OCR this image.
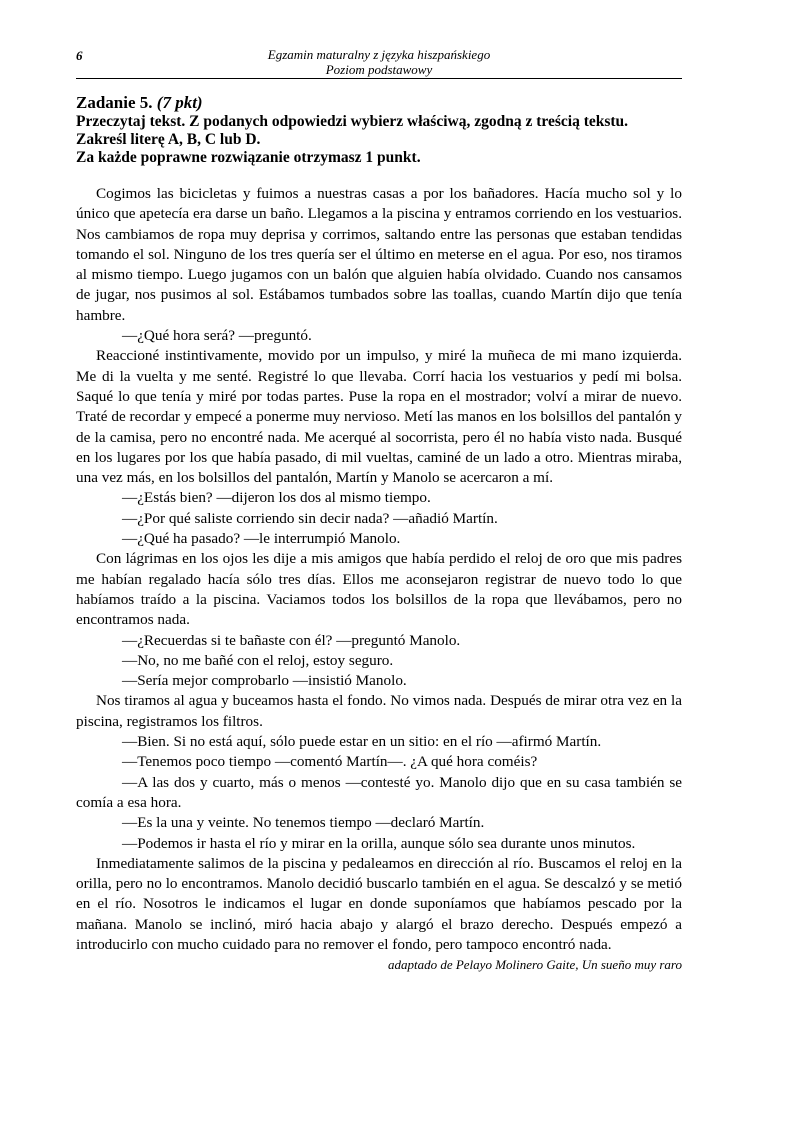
6	Egzamin maturalny z języka hiszpańskiego
Poziom podstawowy
Zadanie 5. (7 pkt)
Przeczytaj tekst. Z podanych odpowiedzi wybierz właściwą, zgodną z treścią tekstu.
Zakreśl literę A, B, C lub D.
Za każde poprawne rozwiązanie otrzymasz 1 punkt.

Cogimos las bicicletas y fuimos a nuestras casas a por los bañadores. Hacía mucho sol y lo único que apetecía era darse un baño. Llegamos a la piscina y entramos corriendo en los vestuarios. Nos cambiamos de ropa muy deprisa y corrimos, saltando entre las personas que estaban tendidas tomando el sol. Ninguno de los tres quería ser el último en meterse en el agua. Por eso, nos tiramos al mismo tiempo. Luego jugamos con un balón que alguien había olvidado. Cuando nos cansamos de jugar, nos pusimos al sol. Estábamos tumbados sobre las toallas, cuando Martín dijo que tenía hambre.

—¿Qué hora será? —preguntó.

Reaccioné instintivamente, movido por un impulso, y miré la muñeca de mi mano izquierda. Me di la vuelta y me senté. Registré lo que llevaba. Corrí hacia los vestuarios y pedí mi bolsa. Saqué lo que tenía y miré por todas partes. Puse la ropa en el mostrador; volví a mirar de nuevo. Traté de recordar y empecé a ponerme muy nervioso. Metí las manos en los bolsillos del pantalón y de la camisa, pero no encontré nada. Me acerqué al socorrista, pero él no había visto nada. Busqué en los lugares por los que había pasado, di mil vueltas, caminé de un lado a otro. Mientras miraba, una vez más, en los bolsillos del pantalón, Martín y Manolo se acercaron a mí.

—¿Estás bien? —dijeron los dos al mismo tiempo.

—¿Por qué saliste corriendo sin decir nada? —añadió Martín.

—¿Qué ha pasado? —le interrumpió Manolo.

Con lágrimas en los ojos les dije a mis amigos que había perdido el reloj de oro que mis padres me habían regalado hacía sólo tres días. Ellos me aconsejaron registrar de nuevo todo lo que habíamos traído a la piscina. Vaciamos todos los bolsillos de la ropa que llevábamos, pero no encontramos nada.

—¿Recuerdas si te bañaste con él? —preguntó Manolo.

—No, no me bañé con el reloj, estoy seguro.

—Sería mejor comprobarlo —insistió Manolo.

Nos tiramos al agua y buceamos hasta el fondo. No vimos nada. Después de mirar otra vez en la piscina, registramos los filtros.

—Bien. Si no está aquí, sólo puede estar en un sitio: en el río —afirmó Martín.

—Tenemos poco tiempo —comentó Martín—. ¿A qué hora coméis?

—A las dos y cuarto, más o menos —contesté yo. Manolo dijo que en su casa también se comía a esa hora.

—Es la una y veinte. No tenemos tiempo —declaró Martín.

—Podemos ir hasta el río y mirar en la orilla, aunque sólo sea durante unos minutos.

Inmediatamente salimos de la piscina y pedaleamos en dirección al río. Buscamos el reloj en la orilla, pero no lo encontramos. Manolo decidió buscarlo también en el agua. Se descalzó y se metió en el río. Nosotros le indicamos el lugar en donde suponíamos que habíamos pescado por la mañana. Manolo se inclinó, miró hacia abajo y alargó el brazo derecho. Después empezó a introducirlo con mucho cuidado para no remover el fondo, pero tampoco encontró nada.

adaptado de Pelayo Molinero Gaite, Un sueño muy raro
